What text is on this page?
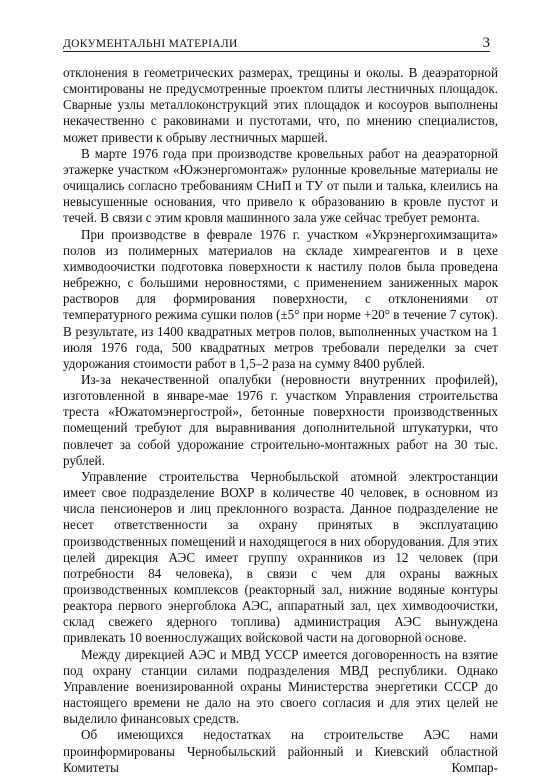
ДОКУМЕНТАЛЬНІ МАТЕРІАЛИ	3

отклонения в геометрических размерах, трещины и околы. В деаэраторной смонтированы не предусмотренные проектом плиты лестничных площадок. Сварные узлы металлоконструкций этих площадок и косоуров выполнены некачественно с раковинами и пустотами, что, по мнению специалистов, может привести к обрыву лестничных маршей.

В марте 1976 года при производстве кровельных работ на деаэраторной этажерке участком «Южэнергомонтаж» рулонные кровельные материалы не очищались согласно требованиям СНиП и ТУ от пыли и талька, клеились на невысушенные основания, что привело к образованию в кровле пустот и течей. В связи с этим кровля машинного зала уже сейчас требует ремонта.

При производстве в феврале 1976 г. участком «Укрэнергохимзащита» полов из полимерных материалов на складе химреагентов и в цехе химводоочистки подготовка поверхности к настилу полов была проведена небрежно, с большими неровностями, с применением заниженных марок растворов для формирования поверхности, с отклонениями от температурного режима сушки полов (±5° при норме +20° в течение 7 суток). В результате, из 1400 квадратных метров полов, выполненных участком на 1 июля 1976 года, 500 квадратных метров требовали переделки за счет удорожания стоимости работ в 1,5–2 раза на сумму 8400 рублей.

Из-за некачественной опалубки (неровности внутренних профилей), изготовленной в январе-мае 1976 г. участком Управления строительства треста «Южатомэнергострой», бетонные поверхности производственных помещений требуют для выравнивания дополнительной штукатурки, что повлечет за собой удорожание строительно-монтажных работ на 30 тыс. рублей.

Управление строительства Чернобыльской атомной электростанции имеет свое подразделение ВОХР в количестве 40 человек, в основном из числа пенсионеров и лиц преклонного возраста. Данное подразделение не несет ответственности за охрану принятых в эксплуатацию производственных помещений и находящегося в них оборудования. Для этих целей дирекция АЭС имеет группу охранников из 12 человек (при потребности 84 человека), в связи с чем для охраны важных производственных комплексов (реакторный зал, нижние водяные контуры реактора первого энергоблока АЭС, аппаратный зал, цех химводоочистки, склад свежего ядерного топлива) администрация АЭС вынуждена привлекать 10 военнослужащих войсковой части на договорной основе.

Между дирекцией АЭС и МВД УССР имеется договоренность на взятие под охрану станции силами подразделения МВД республики. Однако Управление военизированной охраны Министерства энергетики СССР до настоящего времени не дало на это своего согласия и для этих целей не выделило финансовых средств.

Об имеющихся недостатках на строительстве АЭС нами проинформированы Чернобыльский районный и Киевский областной Комитеты Компар-
